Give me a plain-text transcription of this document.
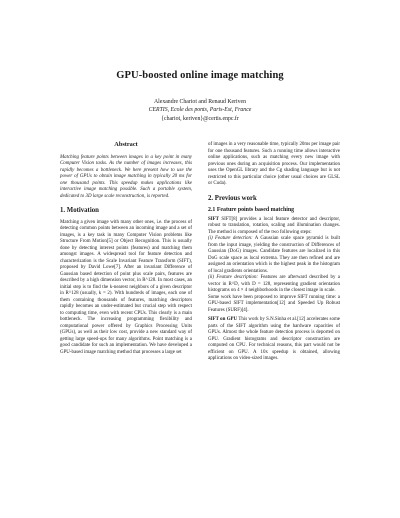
GPU-boosted online image matching
Alexandre Chariot and Renaud Keriven
CERTIS, Ecole des ponts, Paris-Est, France
{chariot, keriven}@certis.enpc.fr
Abstract

Matching feature points between images in a key point in many Computer Vision tasks. As the number of images increases, this rapidly becomes a bottleneck. We here present how to use the power of GPUs to obtain image matching in typically 20 ms for one thousand points. This speedup makes applications like interactive image matching possible. Such a portable system, dedicated to 3D large scale reconstruction, is reported.

1. Motivation

Matching a given image with many other ones, i.e. the process of detecting common points between an incoming image and a set of images, is a key task in many Computer Vision problems like Structure From Motion[5] or Object Recognition. This is usually done by detecting interest points (features) and matching them amongst images. A widespread tool for feature detection and characterization is the Scale Invariant Feature Transform (SIFT), proposed by David Lowe[7]. After an invariant Difference of Gaussian based detection of point plus scale pairs, features are described by a high dimension vector, in R^128. In most cases, an initial step is to find the k-nearest neighbors of a given descriptor in R^128 (usually, k = 2). With hundreds of images, each one of them containing thousands of features, matching descriptors rapidly becomes an under-estimated but crucial step with respect to computing time, even with recent CPUs. This clearly is a main bottleneck. The increasing programming flexibility and computational power offered by Graphics Processing Units (GPUs), as well as their low cost, provide a new standard way of getting large speed-ups for many algorithms. Point matching is a good candidate for such an implementation. We have developed a GPU-based image matching method that processes a large set

of images in a very reasonable time, typically 20ms per image pair for one thousand features. Such a running time allows interactive online applications, such as matching every new image with previous ones during an acquisition process. Our implementation uses the OpenGL library and the Cg shading language but is not restricted to this particular choice (other usual choices are GLSL or Cuda).

2. Previous work
2.1 Feature points based matching

SIFT SIFT[8] provides a local feature detector and descriptor, robust to translation, rotation, scaling and illumination changes. The method is composed of the two following steps:

(i) Feature detection: A Gaussian scale space pyramid is built from the input image, yielding the construction of Differences of Gaussian (DoG) images. Candidate features are localized in this DoG scale space as local extrema. They are then refined and are assigned an orientation which is the highest peak in the histogram of local gradients orientations.

(ii) Feature description: Features are afterward described by a vector in R^D, with D = 128, representing gradient orientation histograms on 4 × 4 neighborhoods in the closest image in scale.

Some work have been proposed to improve SIFT running time: a GPU-based SIFT implementation[12] and Speeded Up Robust Features (SURF)[4].

SIFT on GPU This work by S.N.Sinha et al.[12] accelerates some parts of the SIFT algorithm using the hardware capacities of GPUs. Almost the whole feature detection process is deported on GPU. Gradient histograms and descriptor construction are computed on CPU. For technical reasons, this part would not be efficient on GPU. A 10x speedup is obtained, allowing applications on video-sized images.
